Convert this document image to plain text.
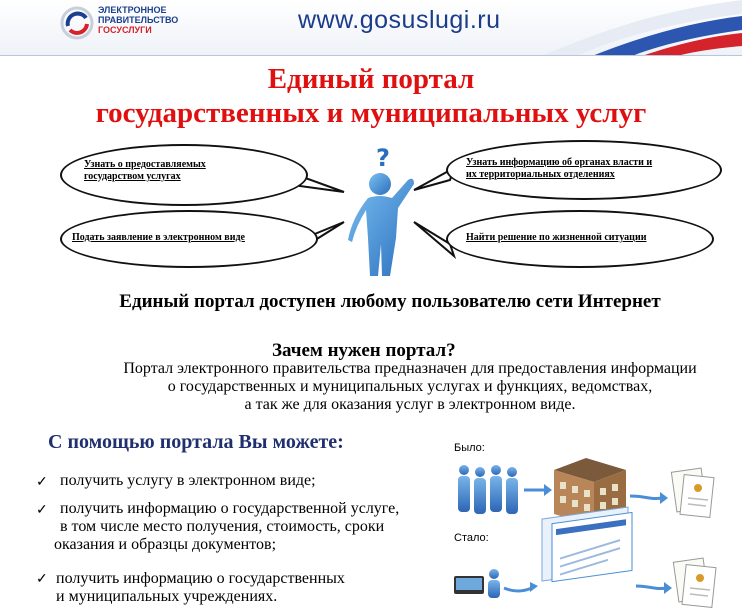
ЭЛЕКТРОННОЕ
ПРАВИТЕЛЬСТВО
ГОСУСЛУГИ	www.gosuslugi.ru
Единый портал
государственных и муниципальных услуг
Узнать о предоставляемых
государством услугах
Подать заявление в электронном виде
Узнать информацию об органах власти и
их территориальных отделениях
Найти решение по жизненной ситуации
?
Единый портал доступен любому пользователю сети Интернет
Зачем нужен портал?
Портал электронного правительства предназначен для предоставления информации
о государственных и муниципальных услугах и функциях, ведомствах,
а так же для оказания услуг в электронном виде.
С помощью портала Вы можете:
✓ получить услугу в электронном виде;
✓ получить информацию о государственной услуге,
в том числе место получения, стоимость, сроки
оказания и образцы документов;
✓ получить информацию о государственных
и муниципальных учреждениях.
Было:
Стало:
